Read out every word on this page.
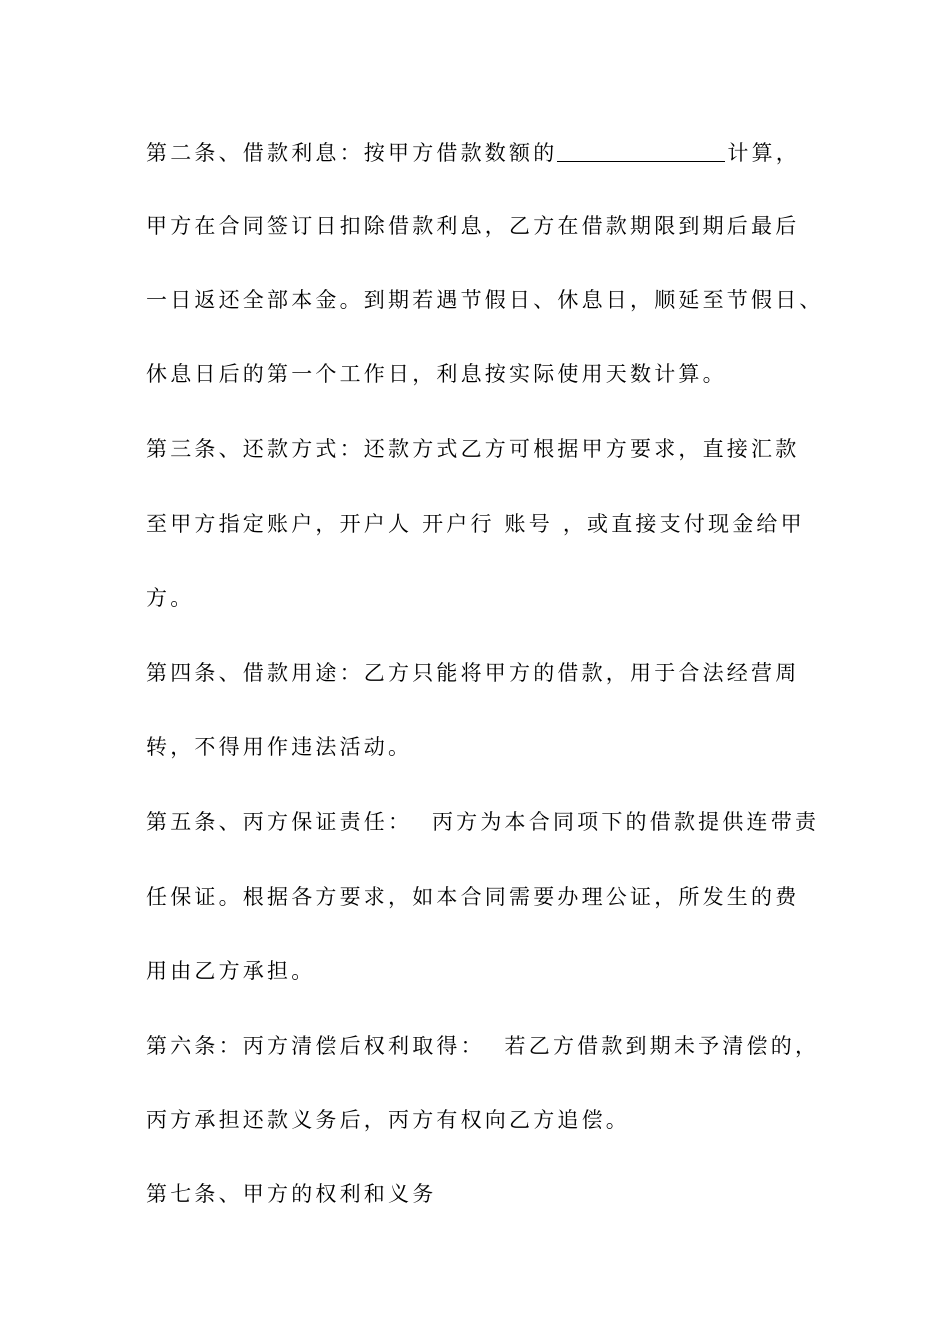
第二条、借款利息：按甲方借款数额的	计算，
甲方在合同签订日扣除借款利息，乙方在借款期限到期后最后
一日返还全部本金。到期若遇节假日、休息日，顺延至节假日、
休息日后的第一个工作日，利息按实际使用天数计算。
第三条、还款方式：还款方式乙方可根据甲方要求，直接汇款
至甲方指定账户，开户人 开户行 账号 ，或直接支付现金给甲
方。
第四条、借款用途：乙方只能将甲方的借款，用于合法经营周
转，不得用作违法活动。
第五条、丙方保证责任：  丙方为本合同项下的借款提供连带责
任保证。根据各方要求，如本合同需要办理公证，所发生的费
用由乙方承担。
第六条：丙方清偿后权利取得：  若乙方借款到期未予清偿的，
丙方承担还款义务后，丙方有权向乙方追偿。
第七条、甲方的权利和义务
